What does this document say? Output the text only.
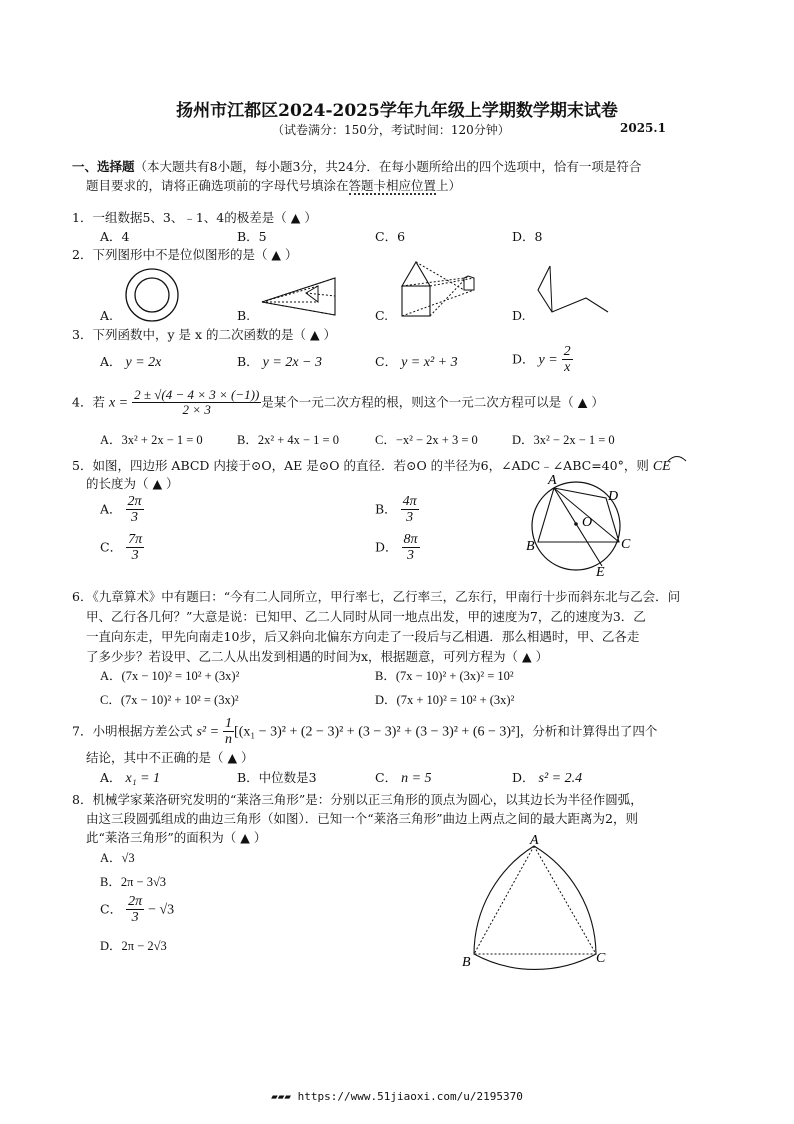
扬州市江都区2024-2025学年九年级上学期数学期末试卷
（试卷满分：150分，考试时间：120分钟）	2025.1
一、选择题（本大题共有8小题，每小题3分，共24分．在每小题所给出的四个选项中，恰有一项是符合
题目要求的，请将正确选项前的字母代号填涂在答题卡相应位置上）
1．一组数据5、3、﹣1、4的极差是（ ▲ ）
A．4	B．5	C．6	D．8
2．下列图形中不是位似图形的是（ ▲ ）
A.	B.	C.	D.
3．下列函数中，y 是 x 的二次函数的是（ ▲ ）
A． y = 2x	B． y = 2x − 3	C． y = x² + 3	D． $y = \frac{2}{x}$
4．若 $x = \frac{2 \pm √(4 - 4 \times 3 \times (-1))}{2 \times 3}$ 是某个一元二次方程的根，则这个一元二次方程可以是（ ▲ ）
A．3x² + 2x − 1 = 0	B．2x² + 4x − 1 = 0	C．−x² − 2x + 3 = 0	D．3x² − 2x − 1 = 0
5．如图，四边形 ABCD 内接于⊙O，AE 是⊙O 的直径．若⊙O 的半径为6，∠ADC﹣∠ABC=40°，则 CE
的长度为（ ▲ ）
A． $\frac{2\pi}{3}$	B． $\frac{4\pi}{3}$
C． $\frac{7\pi}{3}$	D． $\frac{8\pi}{3}$
A
D
O
B	C
E
6．《九章算术》中有题曰：“今有二人同所立，甲行率七，乙行率三，乙东行，甲南行十步而斜东北与乙会．问
甲、乙行各几何？”大意是说：已知甲、乙二人同时从同一地点出发，甲的速度为7，乙的速度为3．乙
一直向东走，甲先向南走10步，后又斜向北偏东方向走了一段后与乙相遇．那么相遇时，甲、乙各走
了多少步？若设甲、乙二人从出发到相遇的时间为x，根据题意，可列方程为（ ▲ ）
A．(7x − 10)² = 10² + (3x)²	B．(7x − 10)² + (3x)² = 10²
C．(7x − 10)² + 10² = (3x)²	D．(7x + 10)² = 10² + (3x)²
7．小明根据方差公式 $s^2 = \frac{1}{n} [(x_1 - 3)^2 + (2 - 3)^2 + (3 - 3)^2 + (3 - 3)^2 + (6 - 3)^2]$，分析和计算得出了四个
结论，其中不正确的是（ ▲ ）
A． x₁ = 1	B．中位数是3	C． n = 5	D． s² = 2.4
8．机械学家莱洛研究发明的“莱洛三角形”是：分别以正三角形的顶点为圆心，以其边长为半径作圆弧，
由这三段圆弧组成的曲边三角形（如图）．已知一个“莱洛三角形”曲边上两点之间的最大距离为2，则
此“莱洛三角形”的面积为（ ▲ ）
A．√3
B．2π − 3√3
C． $\frac{2\pi}{3} - √3$
D．2π − 2√3
A
B	C
▰▰▰ https://www.51jiaoxi.com/u/2195370
